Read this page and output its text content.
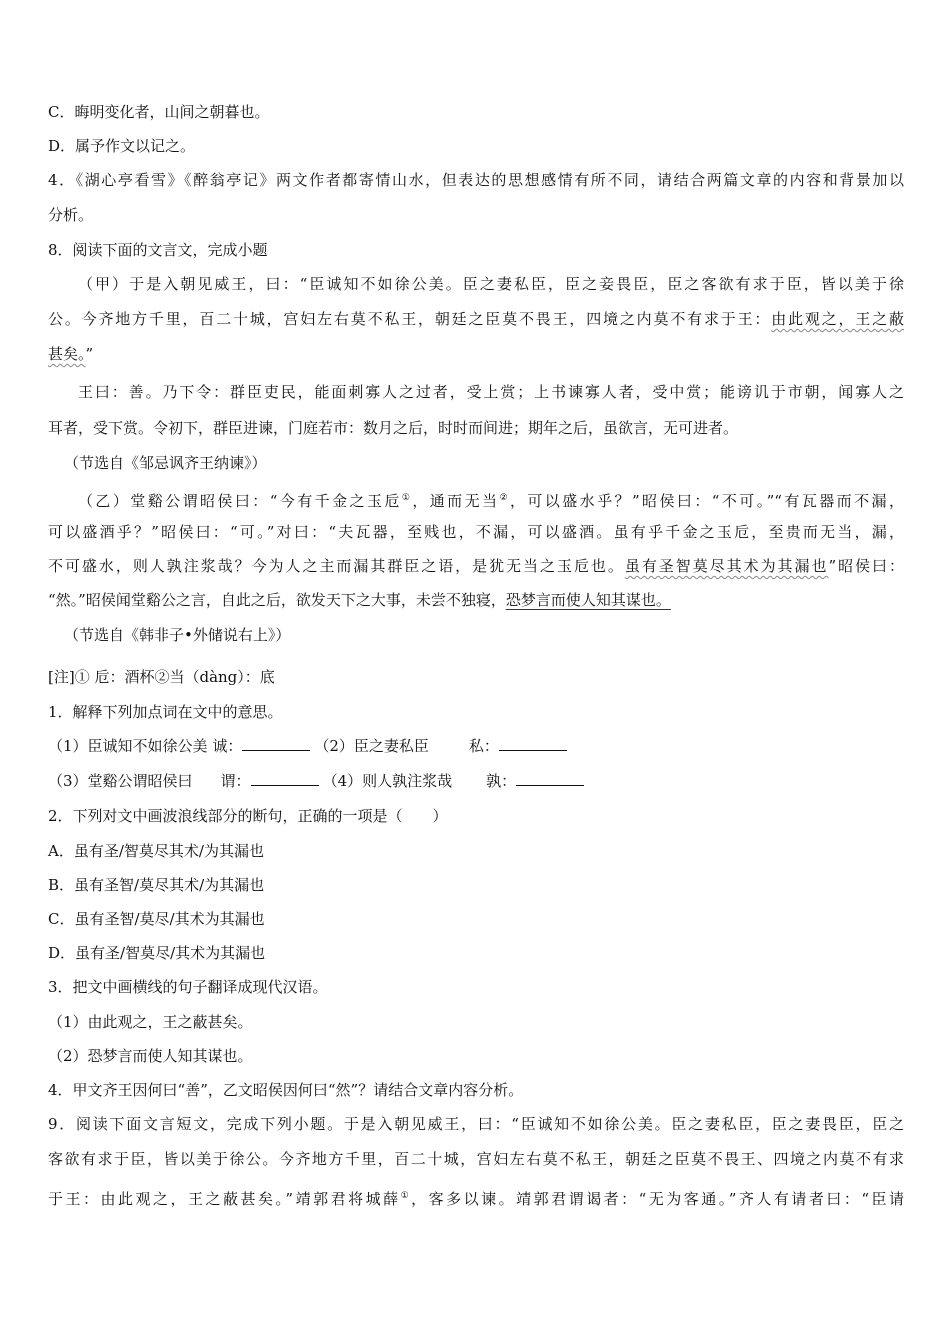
C．晦明变化者，山间之朝暮也。
D．属予作文以记之。
4．《湖心亭看雪》《醉翁亭记》两文作者都寄情山水，但表达的思想感情有所不同，请结合两篇文章的内容和背景加以
分析。
8．阅读下面的文言文，完成小题
（甲）于是入朝见威王，曰：“臣诚知不如徐公美。臣之妻私臣，臣之妾畏臣，臣之客欲有求于臣，皆以美于徐
公。今齐地方千里，百二十城，宫妇左右莫不私王，朝廷之臣莫不畏王，四境之内莫不有求于王：由此观之，王之蔽
甚矣。”
王曰：善。乃下令：群臣吏民，能面刺寡人之过者，受上赏；上书谏寡人者，受中赏；能谤讥于市朝，闻寡人之
耳者，受下赏。令初下，群臣进谏，门庭若市：数月之后，时时而间进；期年之后，虽欲言，无可进者。
（节选自《邹忌讽齐王纳谏》）
（乙）堂谿公谓昭侯曰：“今有千金之玉卮①，通而无当②，可以盛水乎？”昭侯曰：“不可。”“有瓦器而不漏，
可以盛酒乎？”昭侯曰：“可。”对曰：“夫瓦器，至贱也，不漏，可以盛酒。虽有乎千金之玉卮，至贵而无当，漏，
不可盛水，则人孰注浆哉？今为人之主而漏其群臣之语，是犹无当之玉卮也。虽有圣智莫尽其术为其漏也”昭侯曰：
“然。”昭侯闻堂谿公之言，自此之后，欲发天下之大事，未尝不独寝，恐梦言而使人知其谋也。
（节选自《韩非子•外储说右上》）
[注]① 卮：酒杯②当（dàng）：底
1．解释下列加点词在文中的意思。
（1）臣诚知不如徐公美 诚：	（2）臣之妻私臣	私：
（3）堂谿公谓昭侯曰 谓：	（4）则人孰注浆哉 孰：
2．下列对文中画波浪线部分的断句，正确的一项是（　　）
A．虽有圣/智莫尽其术/为其漏也
B．虽有圣智/莫尽其术/为其漏也
C．虽有圣智/莫尽/其术为其漏也
D．虽有圣/智莫尽/其术为其漏也
3．把文中画横线的句子翻译成现代汉语。
（1）由此观之，王之蔽甚矣。
（2）恐梦言而使人知其谋也。
4．甲文齐王因何曰“善”，乙文昭侯因何曰“然”？请结合文章内容分析。
9．阅读下面文言短文，完成下列小题。于是入朝见威王，曰：“臣诚知不如徐公美。臣之妻私臣，臣之妻畏臣，臣之
客欲有求于臣，皆以美于徐公。今齐地方千里，百二十城，宫妇左右莫不私王，朝廷之臣莫不畏王、四境之内莫不有求
于王：由此观之，王之蔽甚矣。”靖郭君将城薛①，客多以谏。靖郭君谓谒者：“无为客通。”齐人有请者曰：“臣请
